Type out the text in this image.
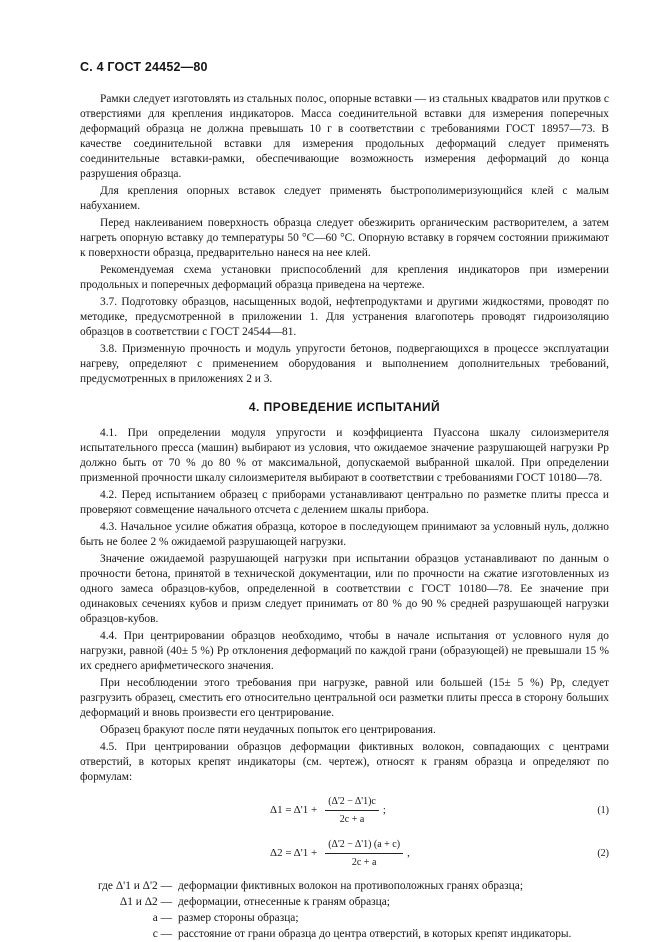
С. 4 ГОСТ 24452—80

Рамки следует изготовлять из стальных полос, опорные вставки — из стальных квадратов или прутков с отверстиями для крепления индикаторов. Масса соединительной вставки для измерения поперечных деформаций образца не должна превышать 10 г в соответствии с требованиями ГОСТ 18957—73. В качестве соединительной вставки для измерения продольных деформаций следует применять соединительные вставки-рамки, обеспечивающие возможность измерения деформаций до конца разрушения образца.

Для крепления опорных вставок следует применять быстрополимеризующийся клей с малым набуханием.

Перед наклеиванием поверхность образца следует обезжирить органическим растворителем, а затем нагреть опорную вставку до температуры 50 °С—60 °С. Опорную вставку в горячем состоянии прижимают к поверхности образца, предварительно нанеся на нее клей.

Рекомендуемая схема установки приспособлений для крепления индикаторов при измерении продольных и поперечных деформаций образца приведена на чертеже.

3.7. Подготовку образцов, насыщенных водой, нефтепродуктами и другими жидкостями, проводят по методике, предусмотренной в приложении 1. Для устранения влагопотерь проводят гидроизоляцию образцов в соответствии с ГОСТ 24544—81.

3.8. Призменную прочность и модуль упругости бетонов, подвергающихся в процессе эксплуатации нагреву, определяют с применением оборудования и выполнением дополнительных требований, предусмотренных в приложениях 2 и 3.

4. ПРОВЕДЕНИЕ ИСПЫТАНИЙ

4.1. При определении модуля упругости и коэффициента Пуассона шкалу силоизмерителя испытательного пресса (машин) выбирают из условия, что ожидаемое значение разрушающей нагрузки Pр должно быть от 70 % до 80 % от максимальной, допускаемой выбранной шкалой. При определении призменной прочности шкалу силоизмерителя выбирают в соответствии с требованиями ГОСТ 10180—78.

4.2. Перед испытанием образец с приборами устанавливают центрально по разметке плиты пресса и проверяют совмещение начального отсчета с делением шкалы прибора.

4.3. Начальное усилие обжатия образца, которое в последующем принимают за условный нуль, должно быть не более 2 % ожидаемой разрушающей нагрузки.

Значение ожидаемой разрушающей нагрузки при испытании образцов устанавливают по данным о прочности бетона, принятой в технической документации, или по прочности на сжатие изготовленных из одного замеса образцов-кубов, определенной в соответствии с ГОСТ 10180—78. Ее значение при одинаковых сечениях кубов и призм следует принимать от 80 % до 90 % средней разрушающей нагрузки образцов-кубов.

4.4. При центрировании образцов необходимо, чтобы в начале испытания от условного нуля до нагрузки, равной (40± 5 %) Pр отклонения деформаций по каждой грани (образующей) не превышали 15 % их среднего арифметического значения.

При несоблюдении этого требования при нагрузке, равной или большей (15± 5 %) Pр, следует разгрузить образец, сместить его относительно центральной оси разметки плиты пресса в сторону больших деформаций и вновь произвести его центрирование.

Образец бракуют после пяти неудачных попыток его центрирования.

4.5. При центрировании образцов деформации фиктивных волокон, совпадающих с центрами отверстий, в которых крепят индикаторы (см. чертеж), относят к граням образца и определяют по формулам:

$\Delta 1 = \Delta'1 + \frac{(\Delta'2 - \Delta'1)c}{2c + a}$ ;	(1)
$\Delta 2 = \Delta'1 + \frac{(\Delta'2 - \Delta'1) (a + c)}{2c + a}$ ,	(2)
где Δ'1 и Δ'2 — деформации фиктивных волокон на противоположных гранях образца;
Δ1 и Δ2 — деформации, отнесенные к граням образца;
a — размер стороны образца;
c — расстояние от грани образца до центра отверстий, в которых крепят индикаторы.
